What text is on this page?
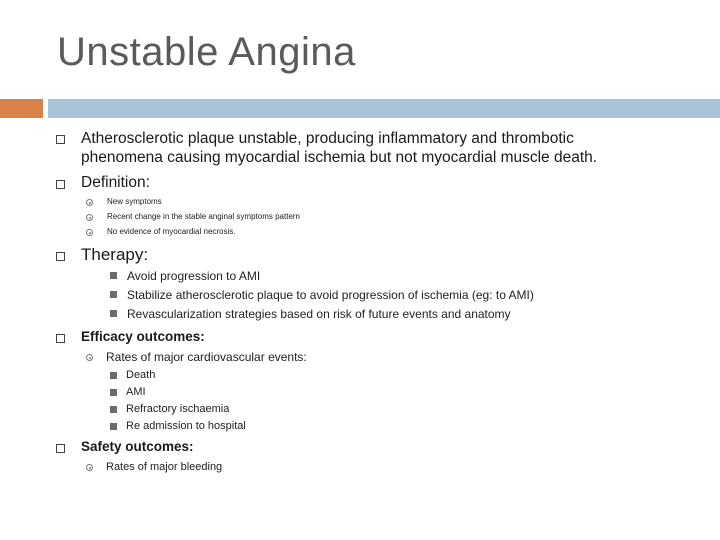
Unstable Angina
Atherosclerotic plaque unstable, producing inflammatory and thrombotic
phenomena causing myocardial ischemia but not myocardial muscle death.
Definition:
New symptoms
Recent change in the stable anginal symptoms pattern
No evidence of myocardial necrosis.
Therapy:
Avoid progression to AMI
Stabilize atherosclerotic plaque to avoid progression of ischemia (eg: to AMI)
Revascularization strategies based on risk of future events and anatomy
Efficacy outcomes:
Rates of major cardiovascular events:
Death
AMI
Refractory ischaemia
Re admission to hospital
Safety outcomes:
Rates of major bleeding
